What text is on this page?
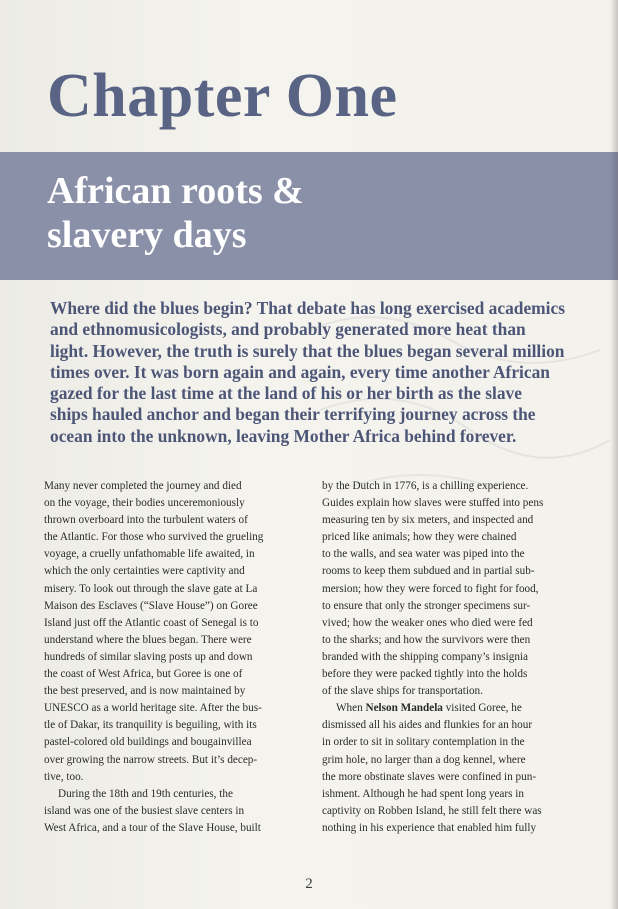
Chapter One
African roots &
slavery days

Where did the blues begin? That debate has long exercised academics
and ethnomusicologists, and probably generated more heat than
light. However, the truth is surely that the blues began several million
times over. It was born again and again, every time another African
gazed for the last time at the land of his or her birth as the slave
ships hauled anchor and began their terrifying journey across the
ocean into the unknown, leaving Mother Africa behind forever.

Many never completed the journey and died
on the voyage, their bodies unceremoniously
thrown overboard into the turbulent waters of
the Atlantic. For those who survived the grueling
voyage, a cruelly unfathomable life awaited, in
which the only certainties were captivity and
misery. To look out through the slave gate at La
Maison des Esclaves (“Slave House”) on Goree
Island just off the Atlantic coast of Senegal is to
understand where the blues began. There were
hundreds of similar slaving posts up and down
the coast of West Africa, but Goree is one of
the best preserved, and is now maintained by
UNESCO as a world heritage site. After the bus-
tle of Dakar, its tranquility is beguiling, with its
pastel-colored old buildings and bougainvillea
over growing the narrow streets. But it’s decep-
tive, too.
During the 18th and 19th centuries, the
island was one of the busiest slave centers in
West Africa, and a tour of the Slave House, built
by the Dutch in 1776, is a chilling experience.
Guides explain how slaves were stuffed into pens
measuring ten by six meters, and inspected and
priced like animals; how they were chained
to the walls, and sea water was piped into the
rooms to keep them subdued and in partial sub-
mersion; how they were forced to fight for food,
to ensure that only the stronger specimens sur-
vived; how the weaker ones who died were fed
to the sharks; and how the survivors were then
branded with the shipping company’s insignia
before they were packed tightly into the holds
of the slave ships for transportation.
When Nelson Mandela visited Goree, he
dismissed all his aides and flunkies for an hour
in order to sit in solitary contemplation in the
grim hole, no larger than a dog kennel, where
the more obstinate slaves were confined in pun-
ishment. Although he had spent long years in
captivity on Robben Island, he still felt there was
nothing in his experience that enabled him fully
2
